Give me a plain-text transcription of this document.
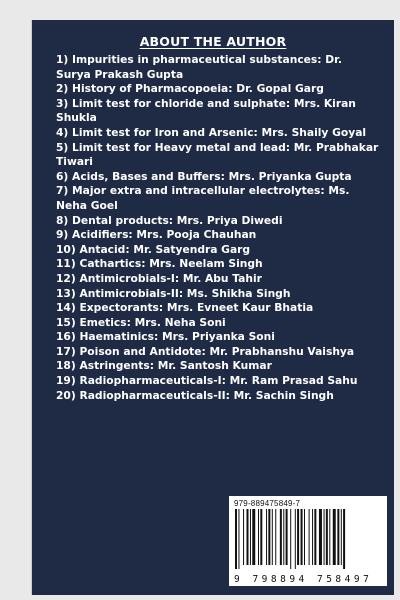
ABOUT THE AUTHOR
1) Impurities in pharmaceutical substances: Dr. Surya Prakash Gupta
2) History of Pharmacopoeia: Dr. Gopal Garg
3) Limit test for chloride and sulphate: Mrs. Kiran Shukla
4) Limit test for Iron and Arsenic: Mrs. Shaily Goyal
5) Limit test for Heavy metal and lead: Mr. Prabhakar Tiwari
6) Acids, Bases and Buffers: Mrs. Priyanka Gupta
7) Major extra and intracellular electrolytes: Ms. Neha Goel
8) Dental products: Mrs. Priya Diwedi
9) Acidifiers: Mrs. Pooja Chauhan
10) Antacid: Mr. Satyendra Garg
11) Cathartics: Mrs. Neelam Singh
12) Antimicrobials-I: Mr. Abu Tahir
13) Antimicrobials-II: Ms. Shikha Singh
14) Expectorants: Mrs. Evneet Kaur Bhatia
15) Emetics: Mrs. Neha Soni
16) Haematinics: Mrs. Priyanka Soni
17) Poison and Antidote: Mr. Prabhanshu Vaishya
18) Astringents: Mr. Santosh Kumar
19) Radiopharmaceuticals-I: Mr. Ram Prasad Sahu
20) Radiopharmaceuticals-II: Mr. Sachin Singh
979-889475849-7
9 798894 758497
